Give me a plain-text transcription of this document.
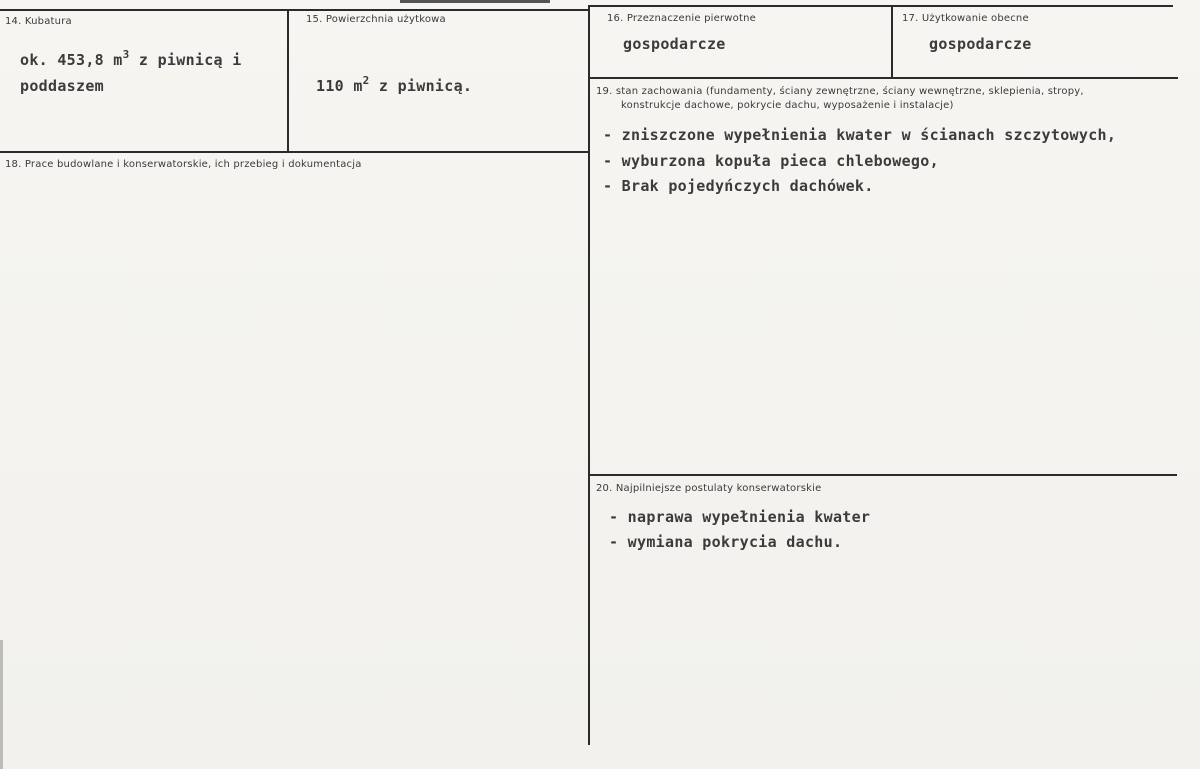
14. Kubatura
ok. 453,8 $m^3$ z piwnicą i
poddaszem
15. Powierzchnia użytkowa
110 $m^2$ z piwnicą.
16. Przeznaczenie pierwotne
gospodarcze
17. Użytkowanie obecne
gospodarcze
18. Prace budowlane i konserwatorskie, ich przebieg i dokumentacja
19. stan zachowania (fundamenty, ściany zewnętrzne, ściany wewnętrzne, sklepienia, stropy,
konstrukcje dachowe, pokrycie dachu, wyposażenie i instalacje)
- zniszczone wypełnienia kwater w ścianach szczytowych,
- wyburzona kopuła pieca chlebowego,
- Brak pojedyńczych dachówek.
20. Najpilniejsze postulaty konserwatorskie
- naprawa wypełnienia kwater
- wymiana pokrycia dachu.
